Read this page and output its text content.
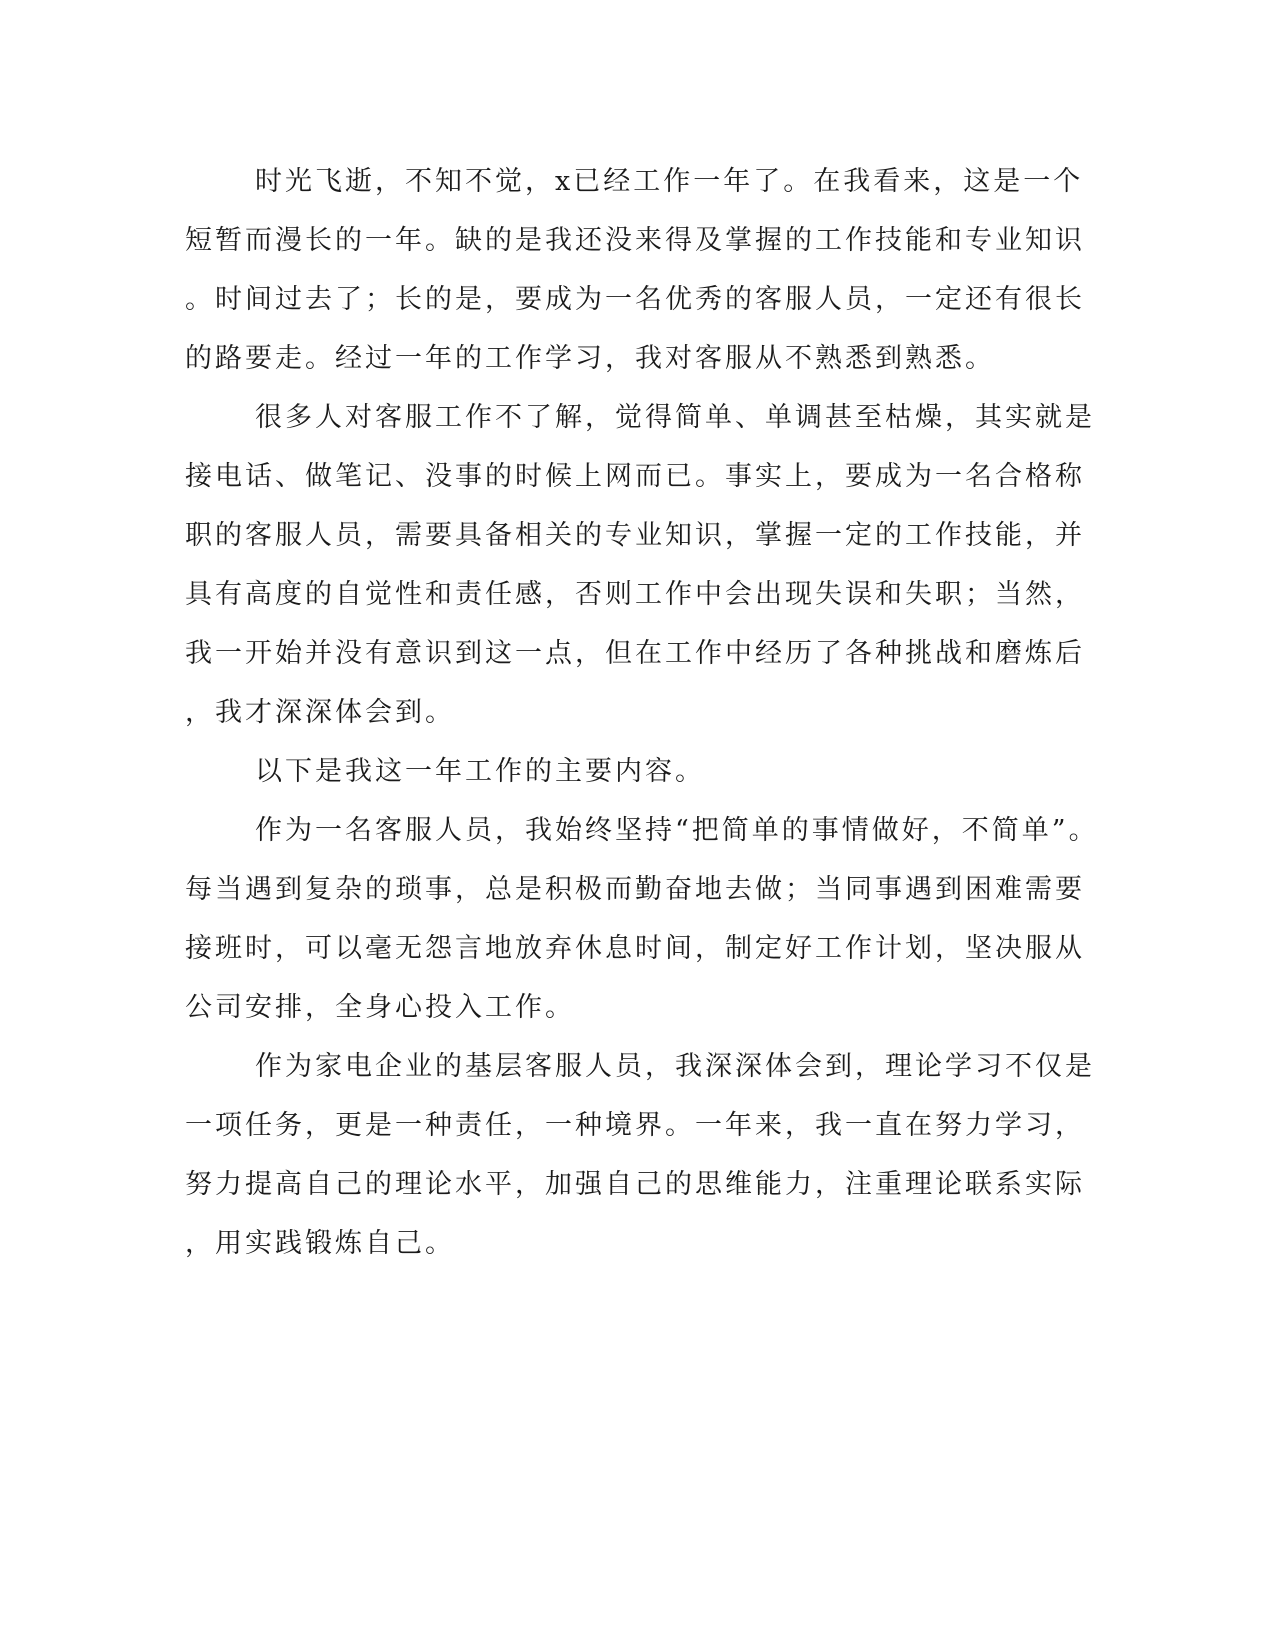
时光飞逝，不知不觉，x已经工作一年了。在我看来，这是一个
短暂而漫长的一年。缺的是我还没来得及掌握的工作技能和专业知识
。时间过去了；长的是，要成为一名优秀的客服人员，一定还有很长
的路要走。经过一年的工作学习，我对客服从不熟悉到熟悉。
很多人对客服工作不了解，觉得简单、单调甚至枯燥，其实就是
接电话、做笔记、没事的时候上网而已。事实上，要成为一名合格称
职的客服人员，需要具备相关的专业知识，掌握一定的工作技能，并
具有高度的自觉性和责任感，否则工作中会出现失误和失职；当然，
我一开始并没有意识到这一点，但在工作中经历了各种挑战和磨炼后
，我才深深体会到。
以下是我这一年工作的主要内容。
作为一名客服人员，我始终坚持“把简单的事情做好，不简单”。
每当遇到复杂的琐事，总是积极而勤奋地去做；当同事遇到困难需要
接班时，可以毫无怨言地放弃休息时间，制定好工作计划，坚决服从
公司安排，全身心投入工作。
作为家电企业的基层客服人员，我深深体会到，理论学习不仅是
一项任务，更是一种责任，一种境界。一年来，我一直在努力学习，
努力提高自己的理论水平，加强自己的思维能力，注重理论联系实际
，用实践锻炼自己。
